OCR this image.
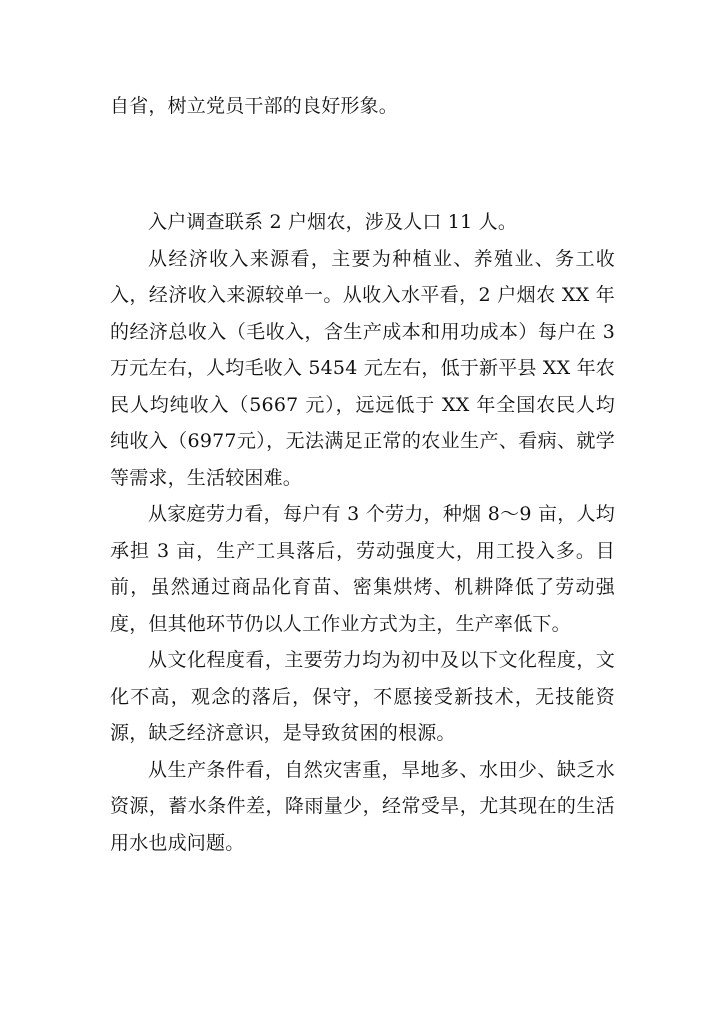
自省，树立党员干部的良好形象。

入户调查联系 2 户烟农，涉及人口 11 人。

从经济收入来源看，主要为种植业、养殖业、务工收入，经济收入来源较单一。从收入水平看，2 户烟农 XX 年的经济总收入（毛收入，含生产成本和用功成本）每户在 3 万元左右，人均毛收入 5454 元左右，低于新平县 XX 年农民人均纯收入（5667 元），远远低于 XX 年全国农民人均纯收入（6977元），无法满足正常的农业生产、看病、就学等需求，生活较困难。

从家庭劳力看，每户有 3 个劳力，种烟 8～9 亩，人均承担 3 亩，生产工具落后，劳动强度大，用工投入多。目前，虽然通过商品化育苗、密集烘烤、机耕降低了劳动强度，但其他环节仍以人工作业方式为主，生产率低下。

从文化程度看，主要劳力均为初中及以下文化程度，文化不高，观念的落后，保守，不愿接受新技术，无技能资源，缺乏经济意识，是导致贫困的根源。

从生产条件看，自然灾害重，旱地多、水田少、缺乏水资源，蓄水条件差，降雨量少，经常受旱，尤其现在的生活用水也成问题。
